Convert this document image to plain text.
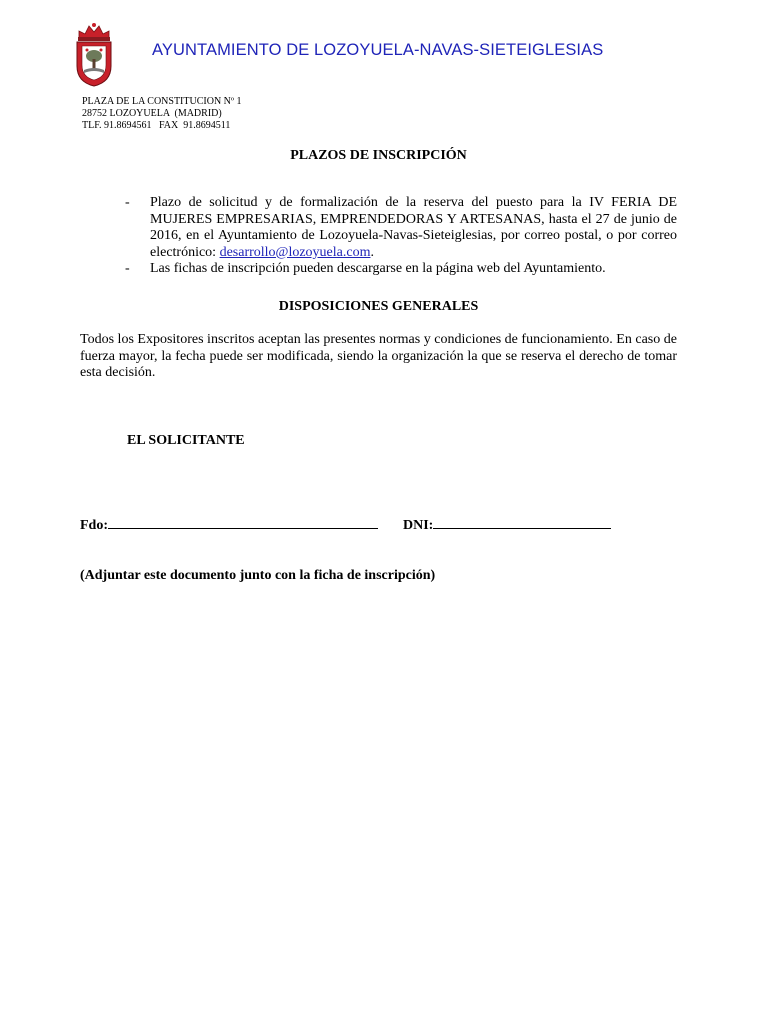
AYUNTAMIENTO DE LOZOYUELA-NAVAS-SIETEIGLESIAS
PLAZA DE LA CONSTITUCION Nº 1
28752 LOZOYUELA  (MADRID)
TLF. 91.8694561   FAX  91.8694511
PLAZOS DE INSCRIPCIÓN
- Plazo de solicitud y de formalización de la reserva del puesto para la IV FERIA DE MUJERES EMPRESARIAS, EMPRENDEDORAS Y ARTESANAS, hasta el 27 de junio de 2016, en el Ayuntamiento de Lozoyuela-Navas-Sieteiglesias, por correo postal, o por correo electrónico: desarrollo@lozoyuela.com.
- Las fichas de inscripción pueden descargarse en la página web del Ayuntamiento.
DISPOSICIONES GENERALES
Todos los Expositores inscritos aceptan las presentes normas y condiciones de funcionamiento. En caso de fuerza mayor, la fecha puede ser modificada, siendo la organización la que se reserva el derecho de tomar esta decisión.
EL SOLICITANTE
Fdo:	DNI:
(Adjuntar este documento junto con la ficha de inscripción)
